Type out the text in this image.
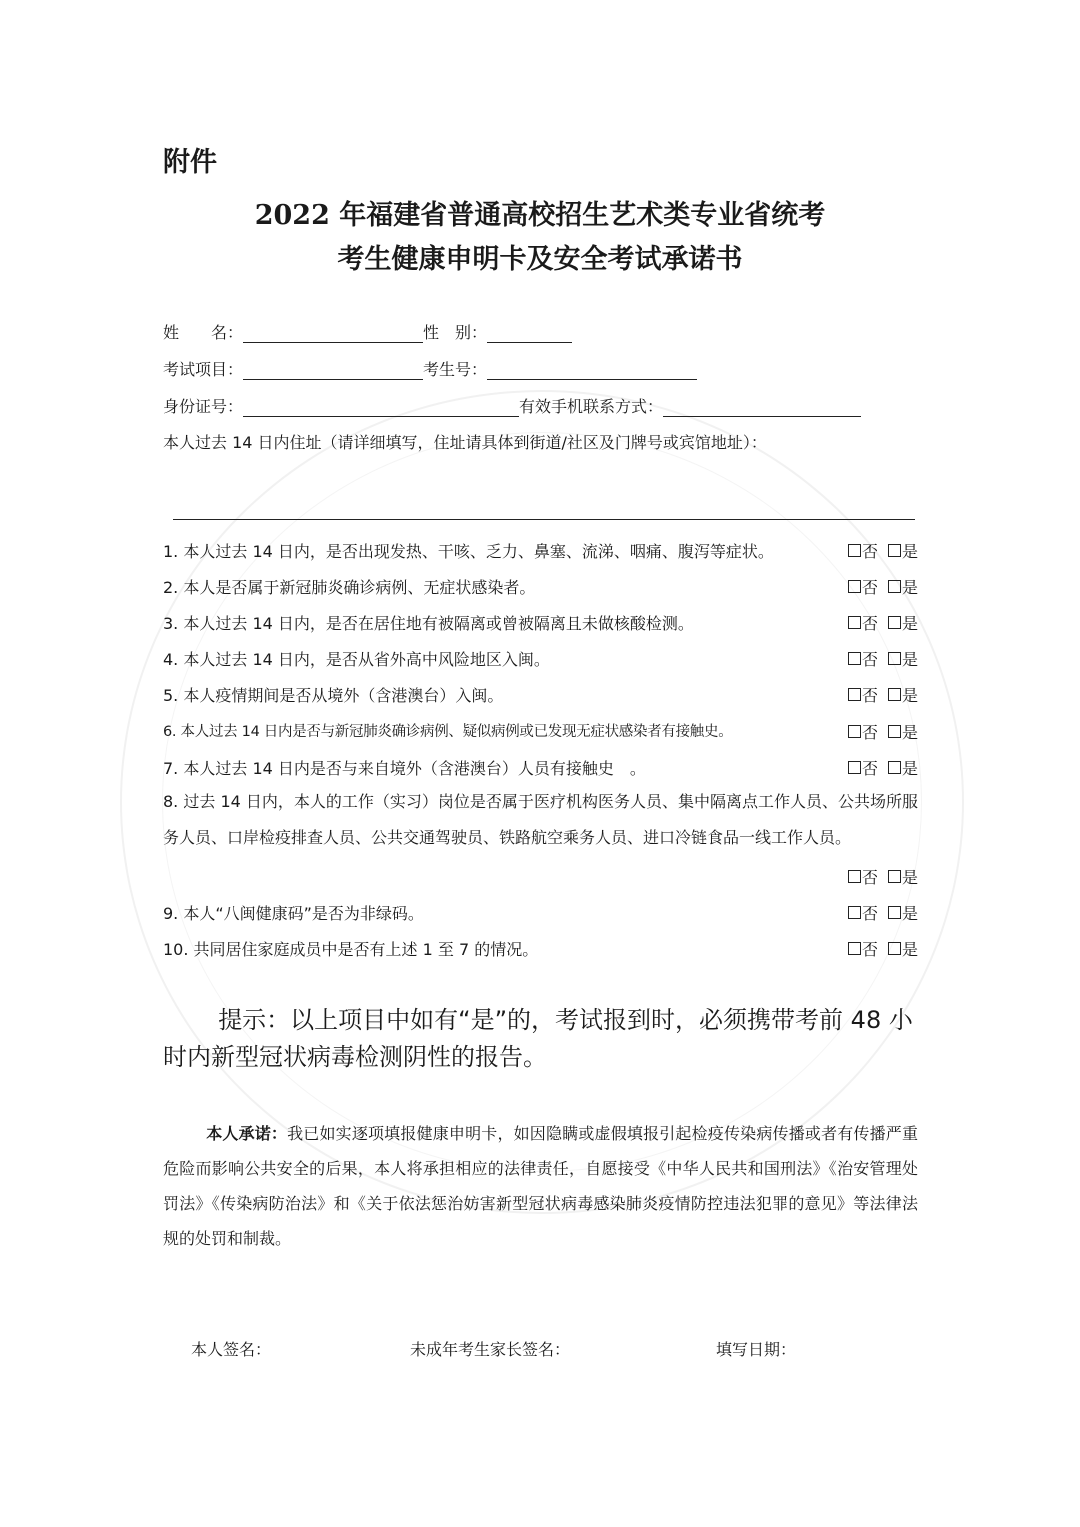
附件
2022 年福建省普通高校招生艺术类专业省统考
考生健康申明卡及安全考试承诺书
姓　　名：	性　别：
考试项目：	考生号：
身份证号：	有效手机联系方式：
本人过去 14 日内住址（请详细填写，住址请具体到街道/社区及门牌号或宾馆地址）：
1. 本人过去 14 日内，是否出现发热、干咳、乏力、鼻塞、流涕、咽痛、腹泻等症状。	否 是
2. 本人是否属于新冠肺炎确诊病例、无症状感染者。	否 是
3. 本人过去 14 日内，是否在居住地有被隔离或曾被隔离且未做核酸检测。	否 是
4. 本人过去 14 日内，是否从省外高中风险地区入闽。	否 是
5. 本人疫情期间是否从境外（含港澳台）入闽。	否 是
6. 本人过去 14 日内是否与新冠肺炎确诊病例、疑似病例或已发现无症状感染者有接触史。	否 是
7. 本人过去 14 日内是否与来自境外（含港澳台）人员有接触史　。	否 是
8. 过去 14 日内，本人的工作（实习）岗位是否属于医疗机构医务人员、集中隔离点工作人员、公共场所服务人员、口岸检疫排查人员、公共交通驾驶员、铁路航空乘务人员、进口冷链食品一线工作人员。
否 是
9. 本人“八闽健康码”是否为非绿码。	否 是
10. 共同居住家庭成员中是否有上述 1 至 7 的情况。	否 是
提示：以上项目中如有“是”的，考试报到时，必须携带考前 48 小时内新型冠状病毒检测阴性的报告。
本人承诺：我已如实逐项填报健康申明卡，如因隐瞒或虚假填报引起检疫传染病传播或者有传播严重危险而影响公共安全的后果，本人将承担相应的法律责任，自愿接受《中华人民共和国刑法》《治安管理处罚法》《传染病防治法》和《关于依法惩治妨害新型冠状病毒感染肺炎疫情防控违法犯罪的意见》等法律法规的处罚和制裁。
本人签名：	未成年考生家长签名：	填写日期：
